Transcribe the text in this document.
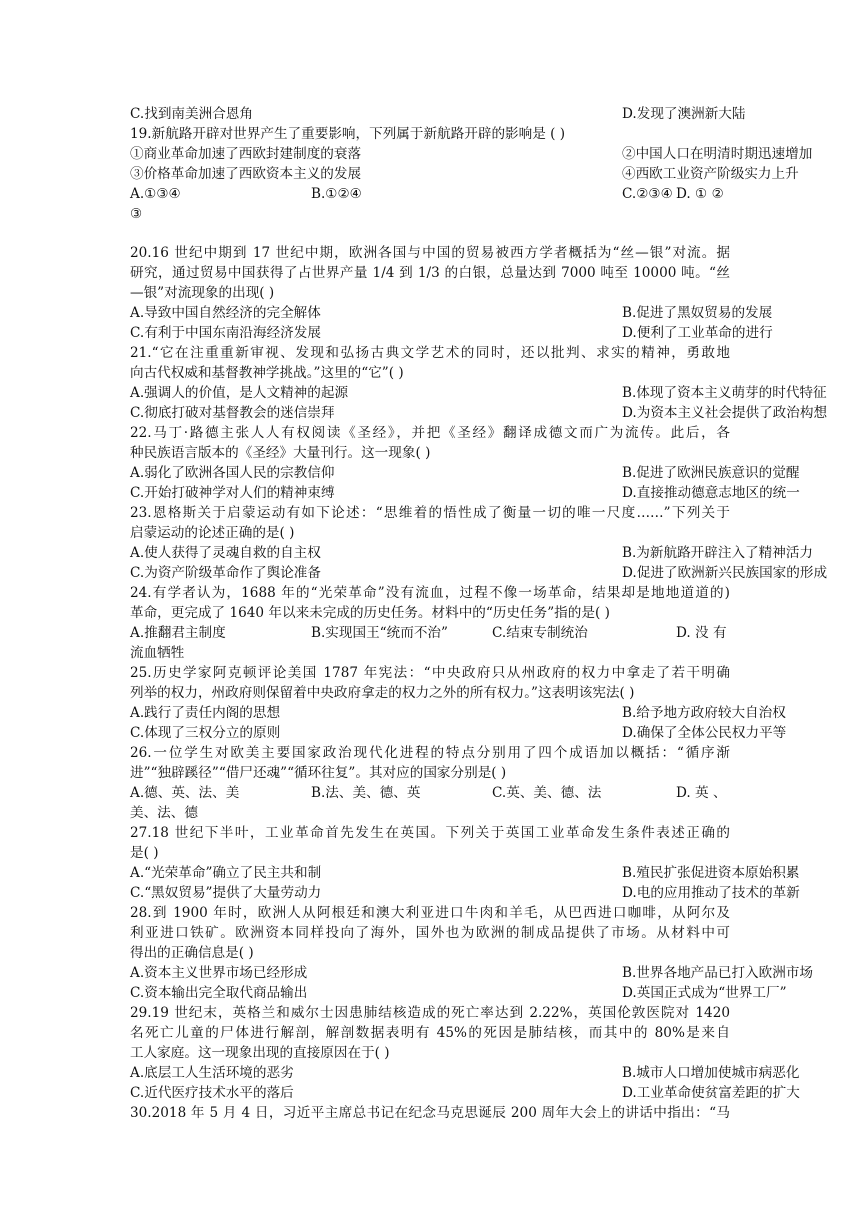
C.找到南美洲合恩角	D.发现了澳洲新大陆
19.新航路开辟对世界产生了重要影响，下列属于新航路开辟的影响是 ( )
①商业革命加速了西欧封建制度的衰落	②中国人口在明清时期迅速增加
③价格革命加速了西欧资本主义的发展	④西欧工业资产阶级实力上升
A.①③④	B.①②④	C.②③④ D. ① ②
③
20.16 世纪中期到 17 世纪中期，欧洲各国与中国的贸易被西方学者概括为“丝—银”对流。据
研究，通过贸易中国获得了占世界产量 1/4 到 1/3 的白银，总量达到 7000 吨至 10000 吨。“丝
—银”对流现象的出现( )
A.导致中国自然经济的完全解体	B.促进了黑奴贸易的发展
C.有利于中国东南沿海经济发展	D.便利了工业革命的进行
21.“它在注重重新审视、发现和弘扬古典文学艺术的同时，还以批判、求实的精神，勇敢地
向古代权威和基督教神学挑战。”这里的“它”( )
A.强调人的价值，是人文精神的起源	B.体现了资本主义萌芽的时代特征
C.彻底打破对基督教会的迷信崇拜	D.为资本主义社会提供了政治构想
22.马丁·路德主张人人有权阅读《圣经》，并把《圣经》翻译成德文而广为流传。此后，各
种民族语言版本的《圣经》大量刊行。这一现象( )
A.弱化了欧洲各国人民的宗教信仰	B.促进了欧洲民族意识的觉醒
C.开始打破神学对人们的精神束缚	D.直接推动德意志地区的统一
23.恩格斯关于启蒙运动有如下论述：“思维着的悟性成了衡量一切的唯一尺度……”下列关于
启蒙运动的论述正确的是( )
A.使人获得了灵魂自救的自主权	B.为新航路开辟注入了精神活力
C.为资产阶级革命作了舆论准备	D.促进了欧洲新兴民族国家的形成
24.有学者认为，1688 年的“光荣革命”没有流血，过程不像一场革命，结果却是地地道道的)
革命，更完成了 1640 年以来未完成的历史任务。材料中的“历史任务”指的是( )
A.推翻君主制度	B.实现国王“统而不治”	C.结束专制统治	D. 没 有
流血牺牲
25.历史学家阿克顿评论美国 1787 年宪法：“中央政府只从州政府的权力中拿走了若干明确
列举的权力，州政府则保留着中央政府拿走的权力之外的所有权力。”这表明该宪法( )
A.践行了责任内阁的思想	B.给予地方政府较大自治权
C.体现了三权分立的原则	D.确保了全体公民权力平等
26.一位学生对欧美主要国家政治现代化进程的特点分别用了四个成语加以概括：“循序渐
进”“独辟蹊径”“借尸还魂”“循环往复”。其对应的国家分别是( )
A.德、英、法、美	B.法、美、德、英	C.英、美、德、法	D. 英 、
美、法、德
27.18 世纪下半叶，工业革命首先发生在英国。下列关于英国工业革命发生条件表述正确的
是( )
A.“光荣革命”确立了民主共和制	B.殖民扩张促进资本原始积累
C.“黑奴贸易”提供了大量劳动力	D.电的应用推动了技术的革新
28.到 1900 年时，欧洲人从阿根廷和澳大利亚进口牛肉和羊毛，从巴西进口咖啡，从阿尔及
利亚进口铁矿。欧洲资本同样投向了海外，国外也为欧洲的制成品提供了市场。从材料中可
得出的正确信息是( )
A.资本主义世界市场已经形成	B.世界各地产品已打入欧洲市场
C.资本输出完全取代商品输出	D.英国正式成为“世界工厂”
29.19 世纪末，英格兰和威尔士因患肺结核造成的死亡率达到 2.22%，英国伦敦医院对 1420
名死亡儿童的尸体进行解剖，解剖数据表明有 45%的死因是肺结核，而其中的 80%是来自
工人家庭。这一现象出现的直接原因在于( )
A.底层工人生活环境的恶劣	B.城市人口增加使城市病恶化
C.近代医疗技术水平的落后	D.工业革命使贫富差距的扩大
30.2018 年 5 月 4 日，习近平主席总书记在纪念马克思诞辰 200 周年大会上的讲话中指出：“马
